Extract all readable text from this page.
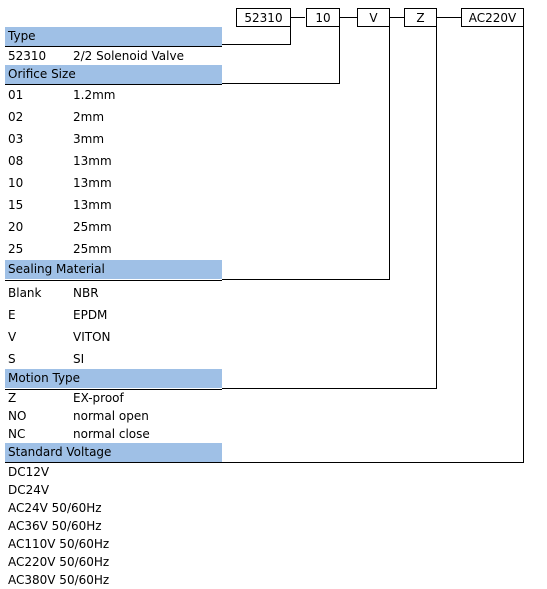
52310	10	V	Z	AC220V
Type
52310 2/2 Solenoid Valve
Orifice Size
01	1.2mm
02	2mm
03	3mm
08	13mm
10	13mm
15	13mm
20	25mm
25	25mm
Sealing Material
Blank	NBR
E	EPDM
V	VITON
S	SI
Motion Type
Z	EX-proof
NO	normal open
NC	normal close
Standard Voltage
DC12V
DC24V
AC24V 50/60Hz
AC36V 50/60Hz
AC110V 50/60Hz
AC220V 50/60Hz
AC380V 50/60Hz
